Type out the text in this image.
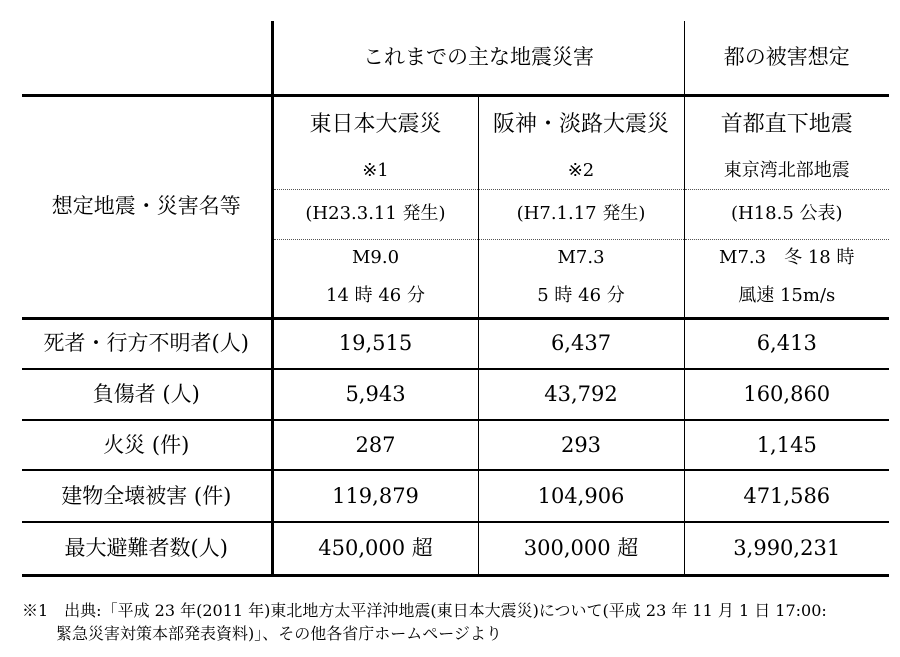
	これまでの主な地震災害		都の被害想定
想定地震・災害名等	東日本大震災	阪神・淡路大震災	首都直下地震
	※1	※2	東京湾北部地震
	(H23.3.11 発生)	(H7.1.17 発生)	(H18.5 公表)
	M9.0	M7.3	M7.3　冬 18 時
	14 時 46 分	5 時 46 分	風速 15m/s
死者・行方不明者(人)	19,515	6,437	6,413
負傷者 (人)	5,943	43,792	160,860
火災 (件)	287	293	1,145
建物全壊被害 (件)	119,879	104,906	471,586
最大避難者数(人)	450,000 超	300,000 超	3,990,231
※1　出典:「平成 23 年(2011 年)東北地方太平洋沖地震(東日本大震災)について(平成 23 年 11 月 1 日 17:00:
緊急災害対策本部発表資料)」、その他各省庁ホームページより
